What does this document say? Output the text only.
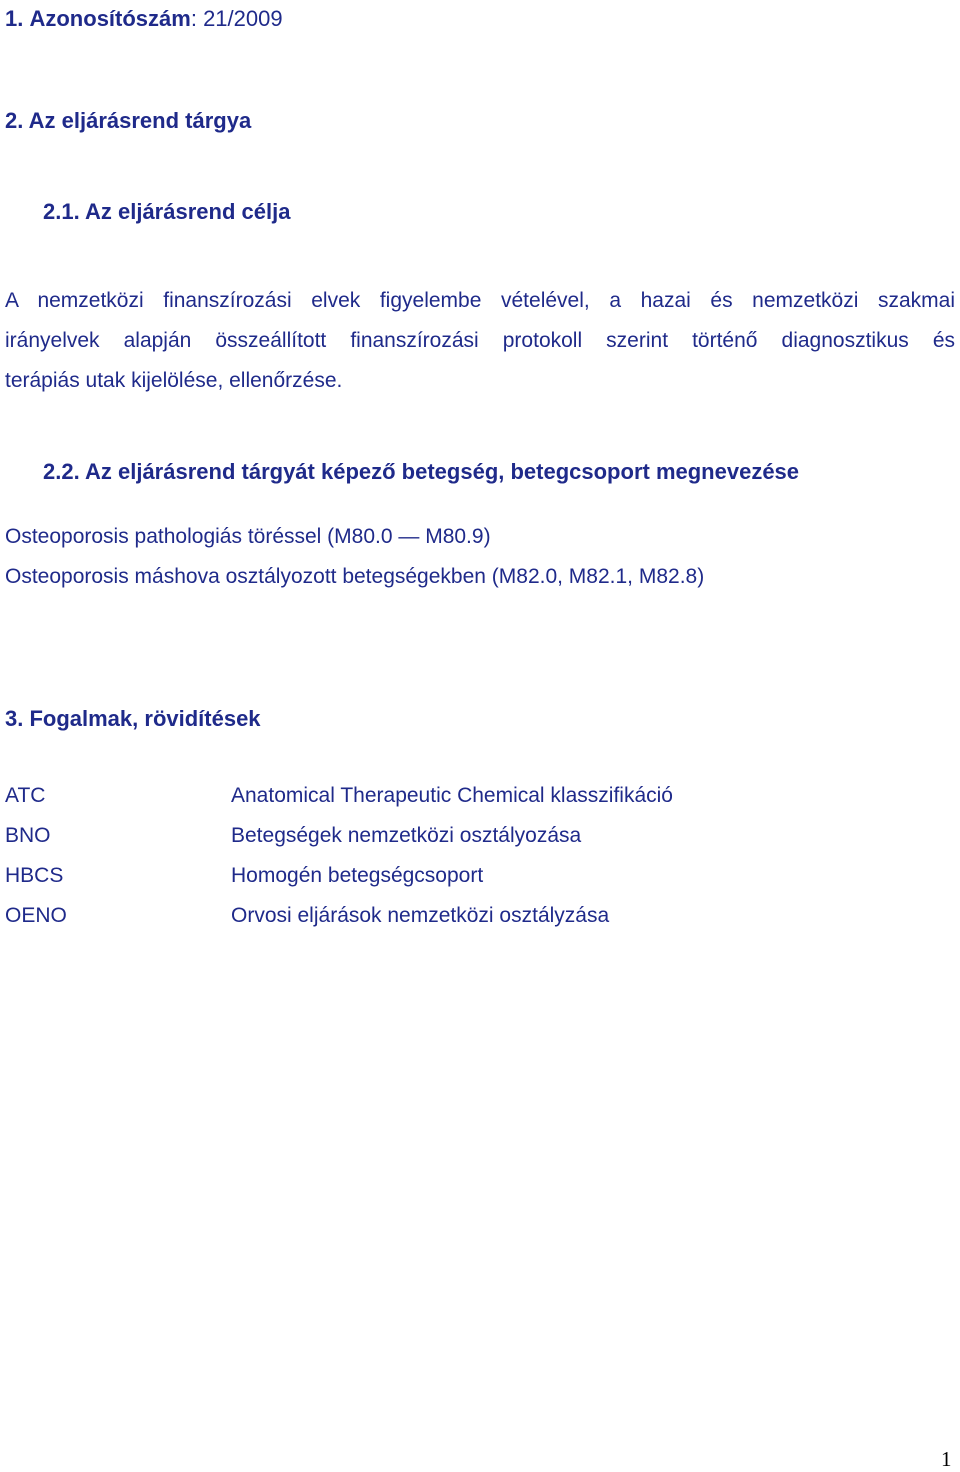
1. Azonosítószám: 21/2009
2. Az eljárásrend tárgya
2.1. Az eljárásrend célja
A nemzetközi finanszírozási elvek figyelembe vételével, a hazai és nemzetközi szakmai
irányelvek alapján összeállított finanszírozási protokoll szerint történő diagnosztikus és
terápiás utak kijelölése, ellenőrzése.
2.2. Az eljárásrend tárgyát képező betegség, betegcsoport megnevezése
Osteoporosis pathologiás töréssel (M80.0 — M80.9)
Osteoporosis máshova osztályozott betegségekben (M82.0, M82.1, M82.8)
3. Fogalmak, rövidítések
ATC	Anatomical Therapeutic Chemical klasszifikáció
BNO	Betegségek nemzetközi osztályozása
HBCS	Homogén betegségcsoport
OENO	Orvosi eljárások nemzetközi osztályzása
1
